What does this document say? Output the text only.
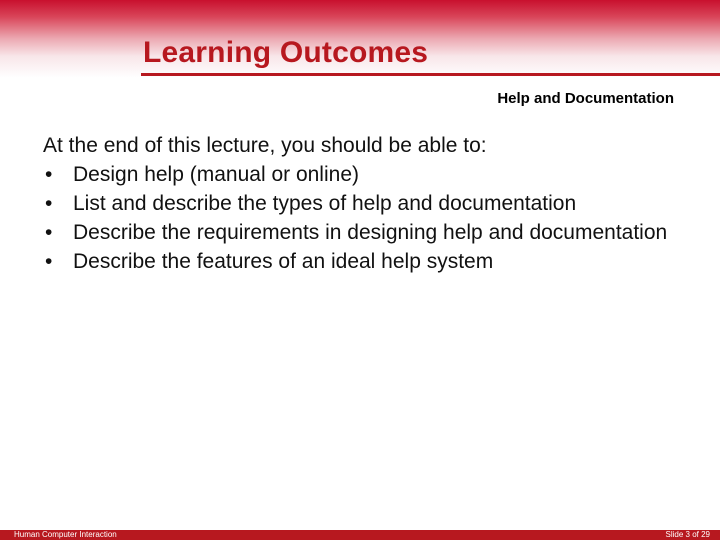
Learning Outcomes
Help and Documentation
At the end of this lecture, you should be able to:
• Design help (manual or online)
• List and describe the types of help and documentation
• Describe the requirements in designing help and documentation
• Describe the features of an ideal help system
Human Computer Interaction	Slide 3 of 29
